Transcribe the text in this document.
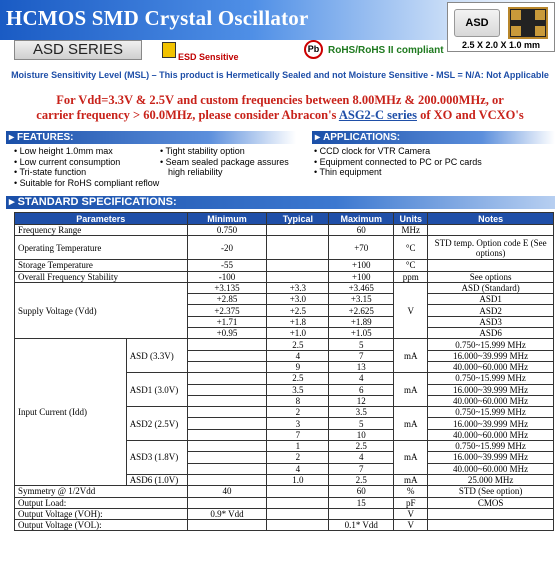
HCMOS SMD Crystal Oscillator	ASD
2.5 X 2.0 X 1.0 mm
ASD SERIES	ESD Sensitive
Pb RoHS/RoHS II compliant
Moisture Sensitivity Level (MSL) – This product is Hermetically Sealed and not Moisture Sensitive - MSL = N/A: Not Applicable
For Vdd=3.3V & 2.5V and custom frequencies between 8.00MHz & 200.000MHz, or
carrier frequency > 60.0MHz, please consider Abracon's ASG2-C series of XO and VCXO's
▸ FEATURES:
• Low height 1.0mm max
• Low current consumption
• Tri-state function
• Suitable for RoHS compliant reflow
• Tight stability option
• Seam sealed package assures
high reliability
▸ APPLICATIONS:
• CCD clock for VTR Camera
• Equipment connected to PC or PC cards
• Thin equipment
▸ STANDARD SPECIFICATIONS:
Parameters		Minimum	Typical	Maximum	Units	Notes
Frequency Range		0.750		60	MHz	
Operating Temperature		-20		+70	°C	STD temp. Option code E (See options)
Storage Temperature		-55		+100	°C	
Overall Frequency Stability		-100		+100	ppm	See options
Supply Voltage (Vdd)		+3.135	+3.3	+3.465	V	ASD (Standard)
		+2.85	+3.0	+3.15		ASD1
		+2.375	+2.5	+2.625		ASD2
		+1.71	+1.8	+1.89		ASD3
		+0.95	+1.0	+1.05		ASD6
Input Current (Idd)	ASD (3.3V)		2.5	5	mA	0.750~15.999 MHz
			4	7		16.000~39.999 MHz
			9	13		40.000~60.000 MHz
	ASD1 (3.0V)		2.5	4	mA	0.750~15.999 MHz
			3.5	6		16.000~39.999 MHz
			8	12		40.000~60.000 MHz
	ASD2 (2.5V)		2	3.5	mA	0.750~15.999 MHz
			3	5		16.000~39.999 MHz
			7	10		40.000~60.000 MHz
	ASD3 (1.8V)		1	2.5	mA	0.750~15.999 MHz
			2	4		16.000~39.999 MHz
			4	7		40.000~60.000 MHz
	ASD6 (1.0V)		1.0	2.5	mA	25.000 MHz
Symmetry @ 1/2Vdd		40		60	%	STD (See option)
Output Load:				15	pF	CMOS
Output Voltage (VOH):		0.9* Vdd			V	
Output Voltage (VOL):				0.1* Vdd	V	
